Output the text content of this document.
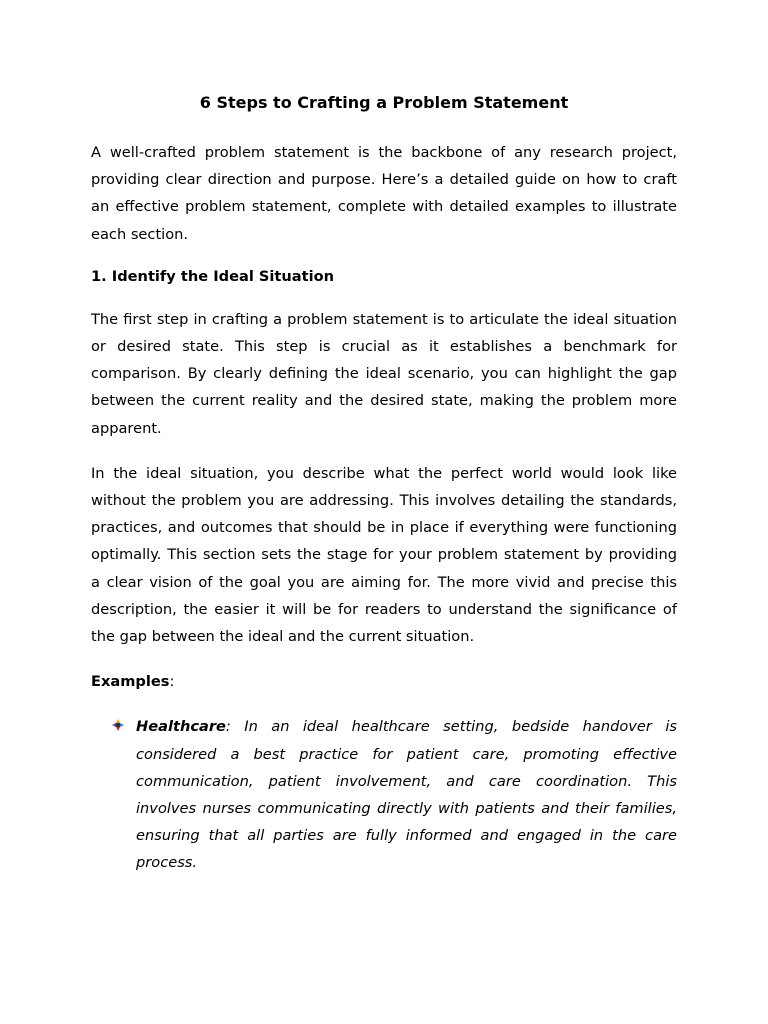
6 Steps to Crafting a Problem Statement

A well-crafted problem statement is the backbone of any research project, providing clear direction and purpose. Here’s a detailed guide on how to craft an effective problem statement, complete with detailed examples to illustrate each section.

1. Identify the Ideal Situation

The first step in crafting a problem statement is to articulate the ideal situation or desired state. This step is crucial as it establishes a benchmark for comparison. By clearly defining the ideal scenario, you can highlight the gap between the current reality and the desired state, making the problem more apparent.

In the ideal situation, you describe what the perfect world would look like without the problem you are addressing. This involves detailing the standards, practices, and outcomes that should be in place if everything were functioning optimally. This section sets the stage for your problem statement by providing a clear vision of the goal you are aiming for. The more vivid and precise this description, the easier it will be for readers to understand the significance of the gap between the ideal and the current situation.

Examples:
Healthcare: In an ideal healthcare setting, bedside handover is considered a best practice for patient care, promoting effective communication, patient involvement, and care coordination. This involves nurses communicating directly with patients and their families, ensuring that all parties are fully informed and engaged in the care process.
